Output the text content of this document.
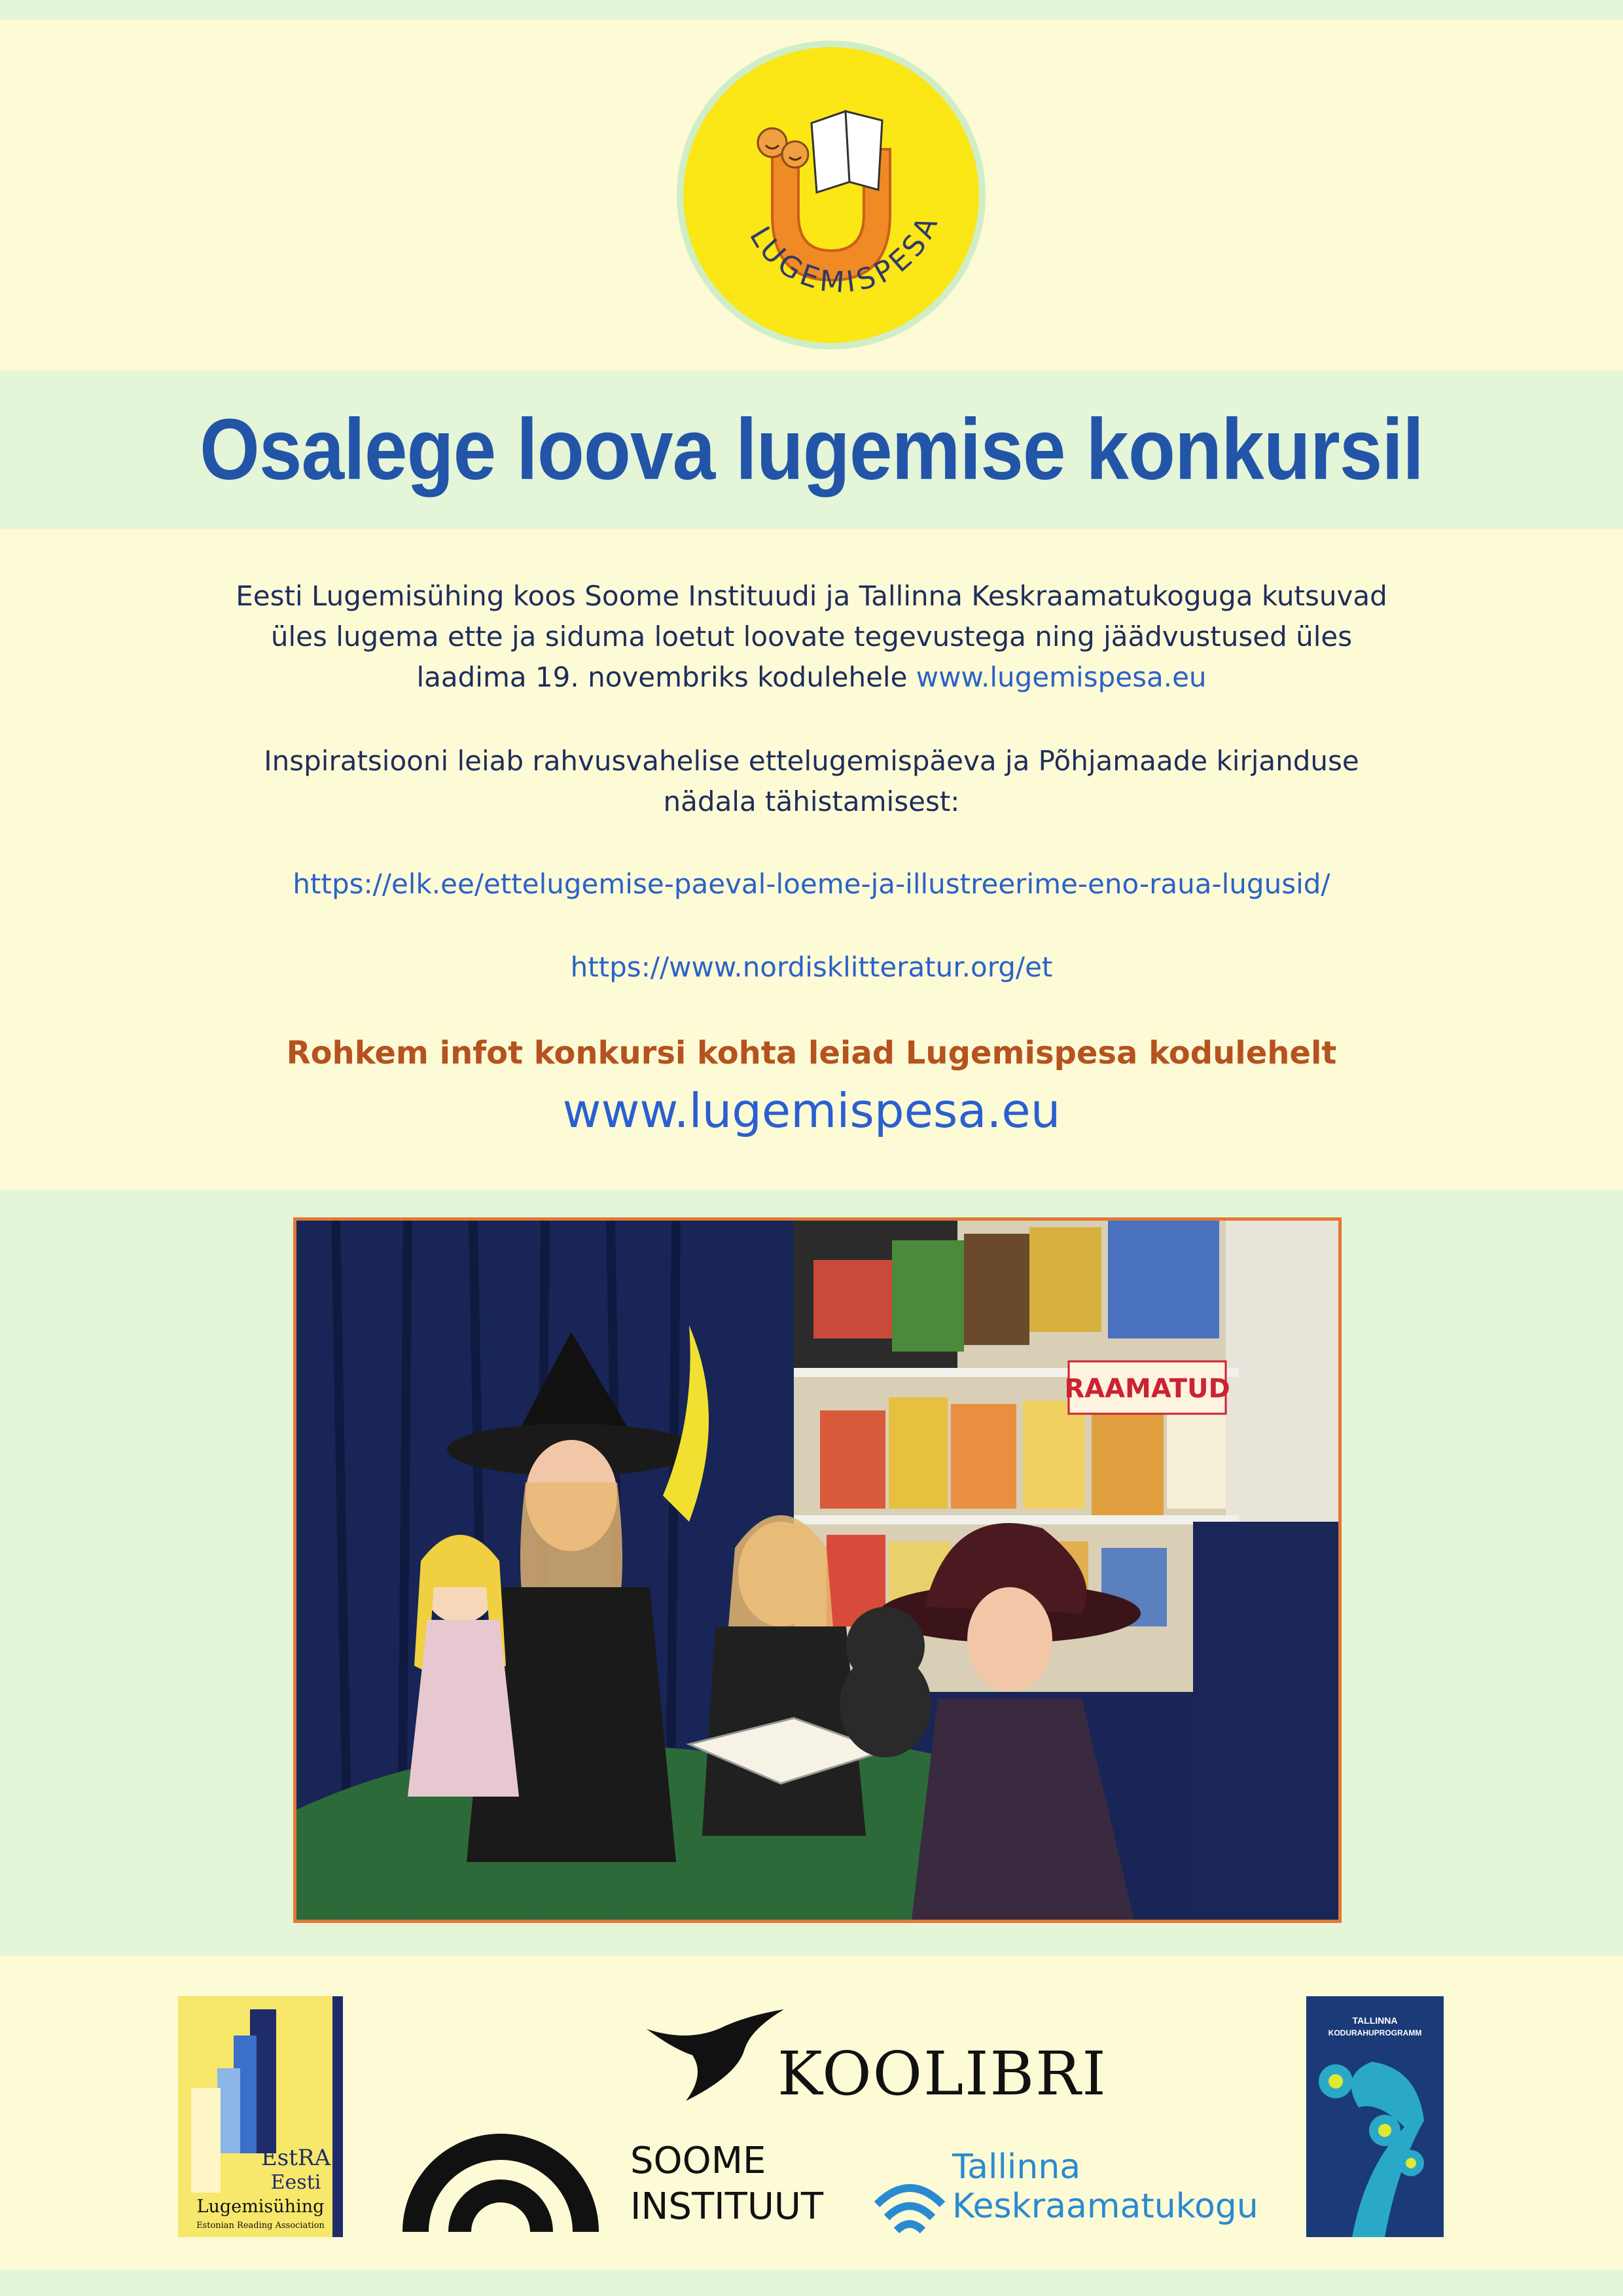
Osalege loova lugemise konkursil
LUGEMISPESA
Eesti Lugemisühing koos Soome Instituudi ja Tallinna Keskraamatukoguga kutsuvad
üles lugema ette ja siduma loetut loovate tegevustega ning jäädvustused üles
laadima 19. novembriks kodulehele www.lugemispesa.eu
Inspiratsiooni leiab rahvusvahelise ettelugemispäeva ja Põhjamaade kirjanduse
nädala tähistamisest:
https://elk.ee/ettelugemise-paeval-loeme-ja-illustreerime-eno-raua-lugusid/
https://www.nordisklitteratur.org/et
Rohkem infot konkursi kohta leiad Lugemispesa kodulehelt
www.lugemispesa.eu
RAAMATUD
EstRA
Eesti
Lugemisühing
Estonian Reading Association
KOOLIBRI
SOOME
INSTITUUT
Tallinna
Keskraamatukogu
TALLINNA
KODURAHUPROGRAMM
